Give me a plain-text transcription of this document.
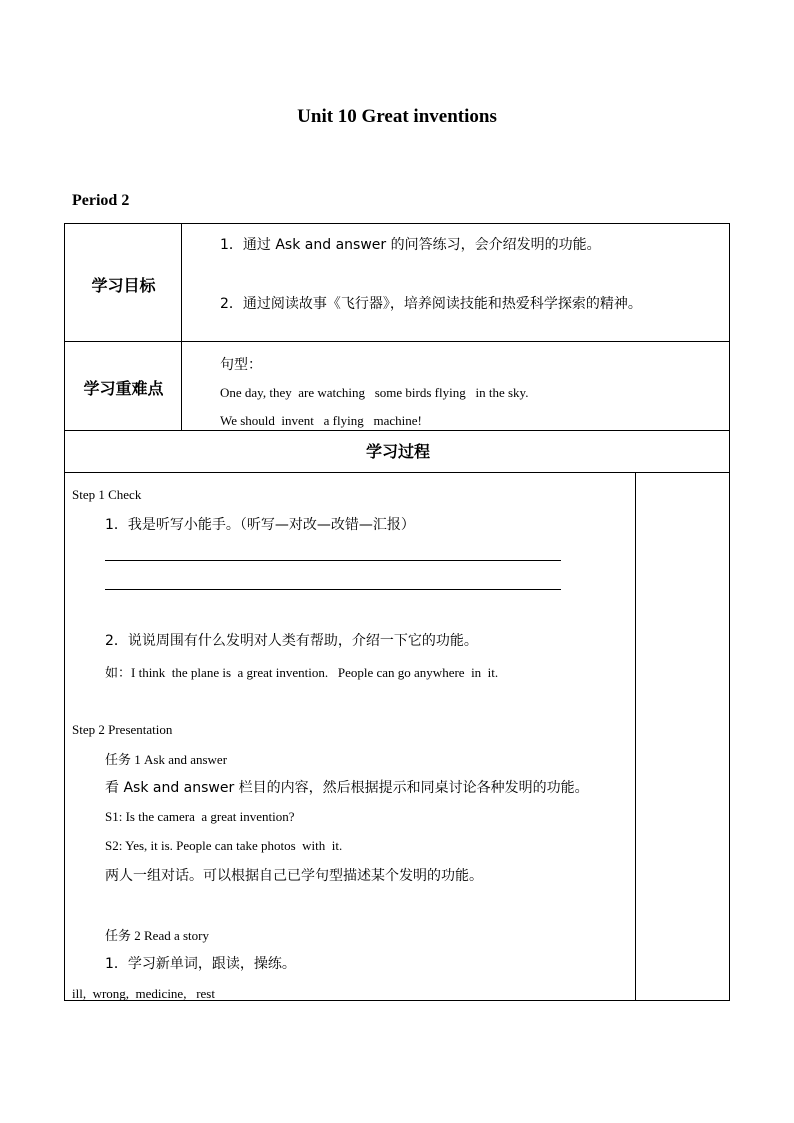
Unit 10 Great inventions
Period 2
学习目标
1．通过 Ask and answer 的问答练习，会介绍发明的功能。
2．通过阅读故事《飞行器》，培养阅读技能和热爱科学探索的精神。
学习重难点
句型：
One day, they  are watching   some birds flying   in the sky.
We should  invent   a flying   machine!
学习过程
Step 1 Check
1．我是听写小能手。（听写—对改—改错—汇报）
2．说说周围有什么发明对人类有帮助，介绍一下它的功能。
如：I think  the plane is  a great invention.   People can go anywhere  in  it.
Step 2 Presentation
任务 1 Ask and answer
看 Ask and answer 栏目的内容，然后根据提示和同桌讨论各种发明的功能。
S1: Is the camera  a great invention?
S2: Yes, it is. People can take photos  with  it.
两人一组对话。可以根据自己已学句型描述某个发明的功能。
任务 2 Read a story
1．学习新单词，跟读，操练。
ill,  wrong,  medicine,   rest
